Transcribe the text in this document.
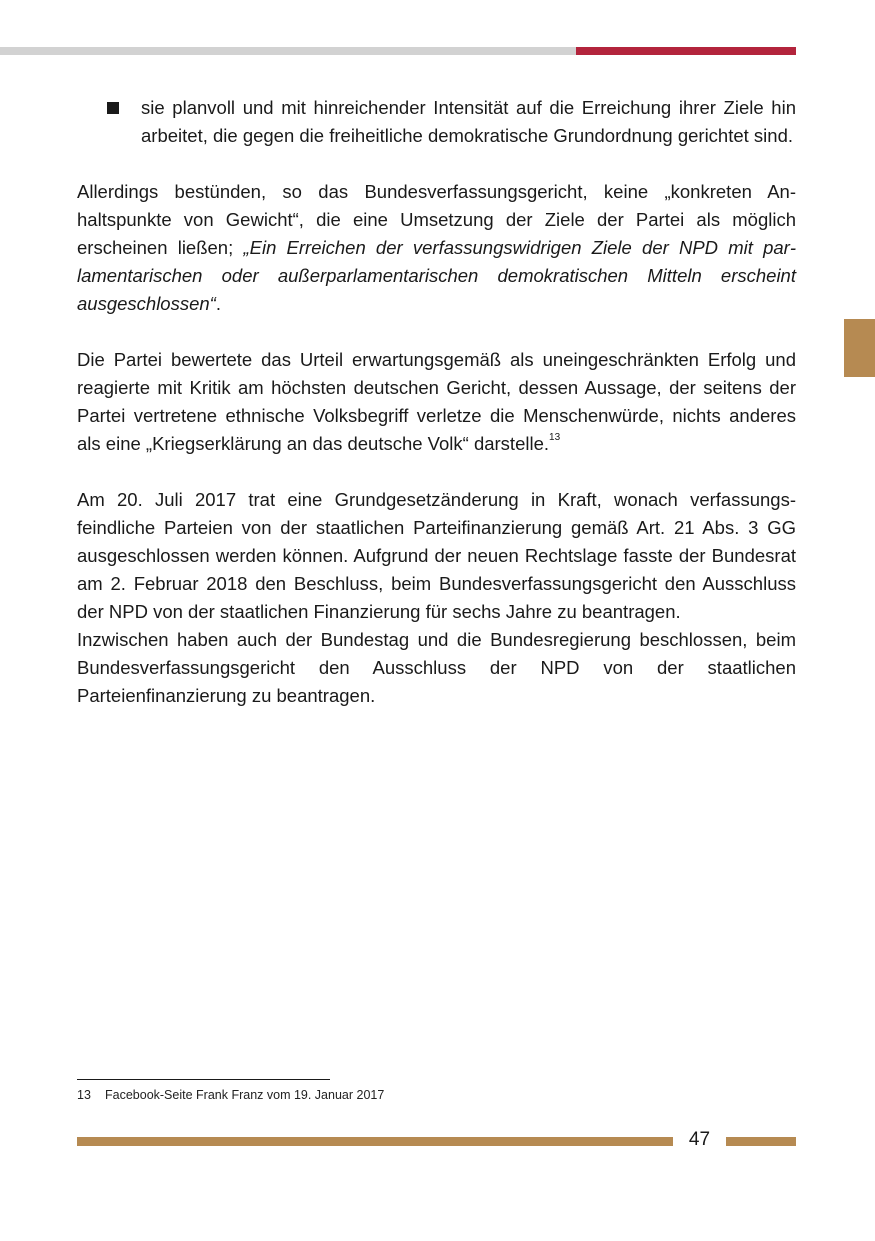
sie planvoll und mit hinreichender Intensität auf die Erreichung ihrer Ziele hin arbeitet, die gegen die freiheitliche demokratische Grundordnung gerichtet sind.

Allerdings bestünden, so das Bundesverfassungsgericht, keine „konkreten Anhaltspunkte von Gewicht“, die eine Umsetzung der Ziele der Partei als möglich erscheinen ließen; „Ein Erreichen der verfassungswidrigen Ziele der NPD mit parlamentarischen oder außerparlamentarischen demokratischen Mitteln erscheint ausgeschlossen“.

Die Partei bewertete das Urteil erwartungsgemäß als uneingeschränkten Erfolg und reagierte mit Kritik am höchsten deutschen Gericht, dessen Aussage, der seitens der Partei vertretene ethnische Volksbegriff verletze die Menschenwürde, nichts anderes als eine „Kriegserklärung an das deutsche Volk“ darstelle.$^{13}$

Am 20. Juli 2017 trat eine Grundgesetzänderung in Kraft, wonach verfassungsfeindliche Parteien von der staatlichen Parteifinanzierung gemäß Art. 21 Abs. 3 GG ausgeschlossen werden können. Aufgrund der neuen Rechtslage fasste der Bundesrat am 2. Februar 2018 den Beschluss, beim Bundesverfassungsgericht den Ausschluss der NPD von der staatlichen Finanzierung für sechs Jahre zu beantragen.

Inzwischen haben auch der Bundestag und die Bundesregierung beschlossen, beim Bundesverfassungsgericht den Ausschluss der NPD von der staatlichen Parteienfinanzierung zu beantragen.

13 Facebook-Seite Frank Franz vom 19. Januar 2017
47
